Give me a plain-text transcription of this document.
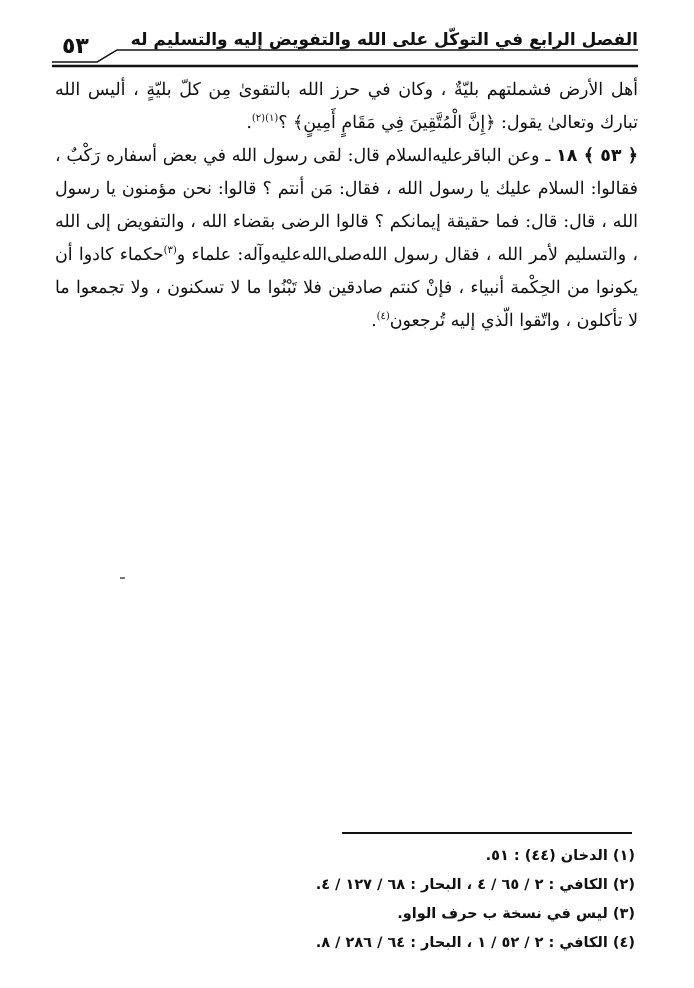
٥٣ الفصل الرابع في التوكّل على الله والتفويض إليه والتسليم له

أهل الأرض فشملتهم بليّةٌ ، وكان في حرز الله بالتقوىٰ مِن كلّ بليّةٍ ، أليس الله تبارك وتعالىٰ يقول: ﴿إِنَّ الْمُتَّقِينَ فِي مَقَامٍ أَمِينٍ﴾ ؟$^{(١)(٢)}$.

﴿ ٥٣ ﴾ ١٨ ـ وعن الباقر‌عليه‌السلام قال: لقى رسول الله في بعض أسفاره رَكْبٌ ، فقالوا: السلام عليك يا رسول الله ، فقال: مَن أنتم ؟ قالوا: نحن مؤمنون يا رسول الله ، قال: قال: فما حقيقة إيمانكم ؟ قالوا الرضى بقضاء الله ، والتفويض إلى الله ، والتسليم لأمر الله ، فقال رسول الله‌صلى‌الله‌عليه‌وآله: علماء و$^{(٣)}$حكماء كادوا أن يكونوا من الحِكْمة أنبياء ، فإنْ كنتم صادقين فلا تَبْنُوا ما لا تسكنون ، ولا تجمعوا ما لا تأكلون ، واتّقوا الّذي إليه تُرجعون$^{(٤)}$.

(١) الدخان (٤٤) : ٥١.

(٢) الكافي : ٢ / ٦٥ / ٤ ، البحار : ٦٨ / ١٢٧ / ٤.

(٣) ليس في نسخة ب حرف الواو.

(٤) الكافي : ٢ / ٥٢ / ١ ، البحار : ٦٤ / ٢٨٦ / ٨.
